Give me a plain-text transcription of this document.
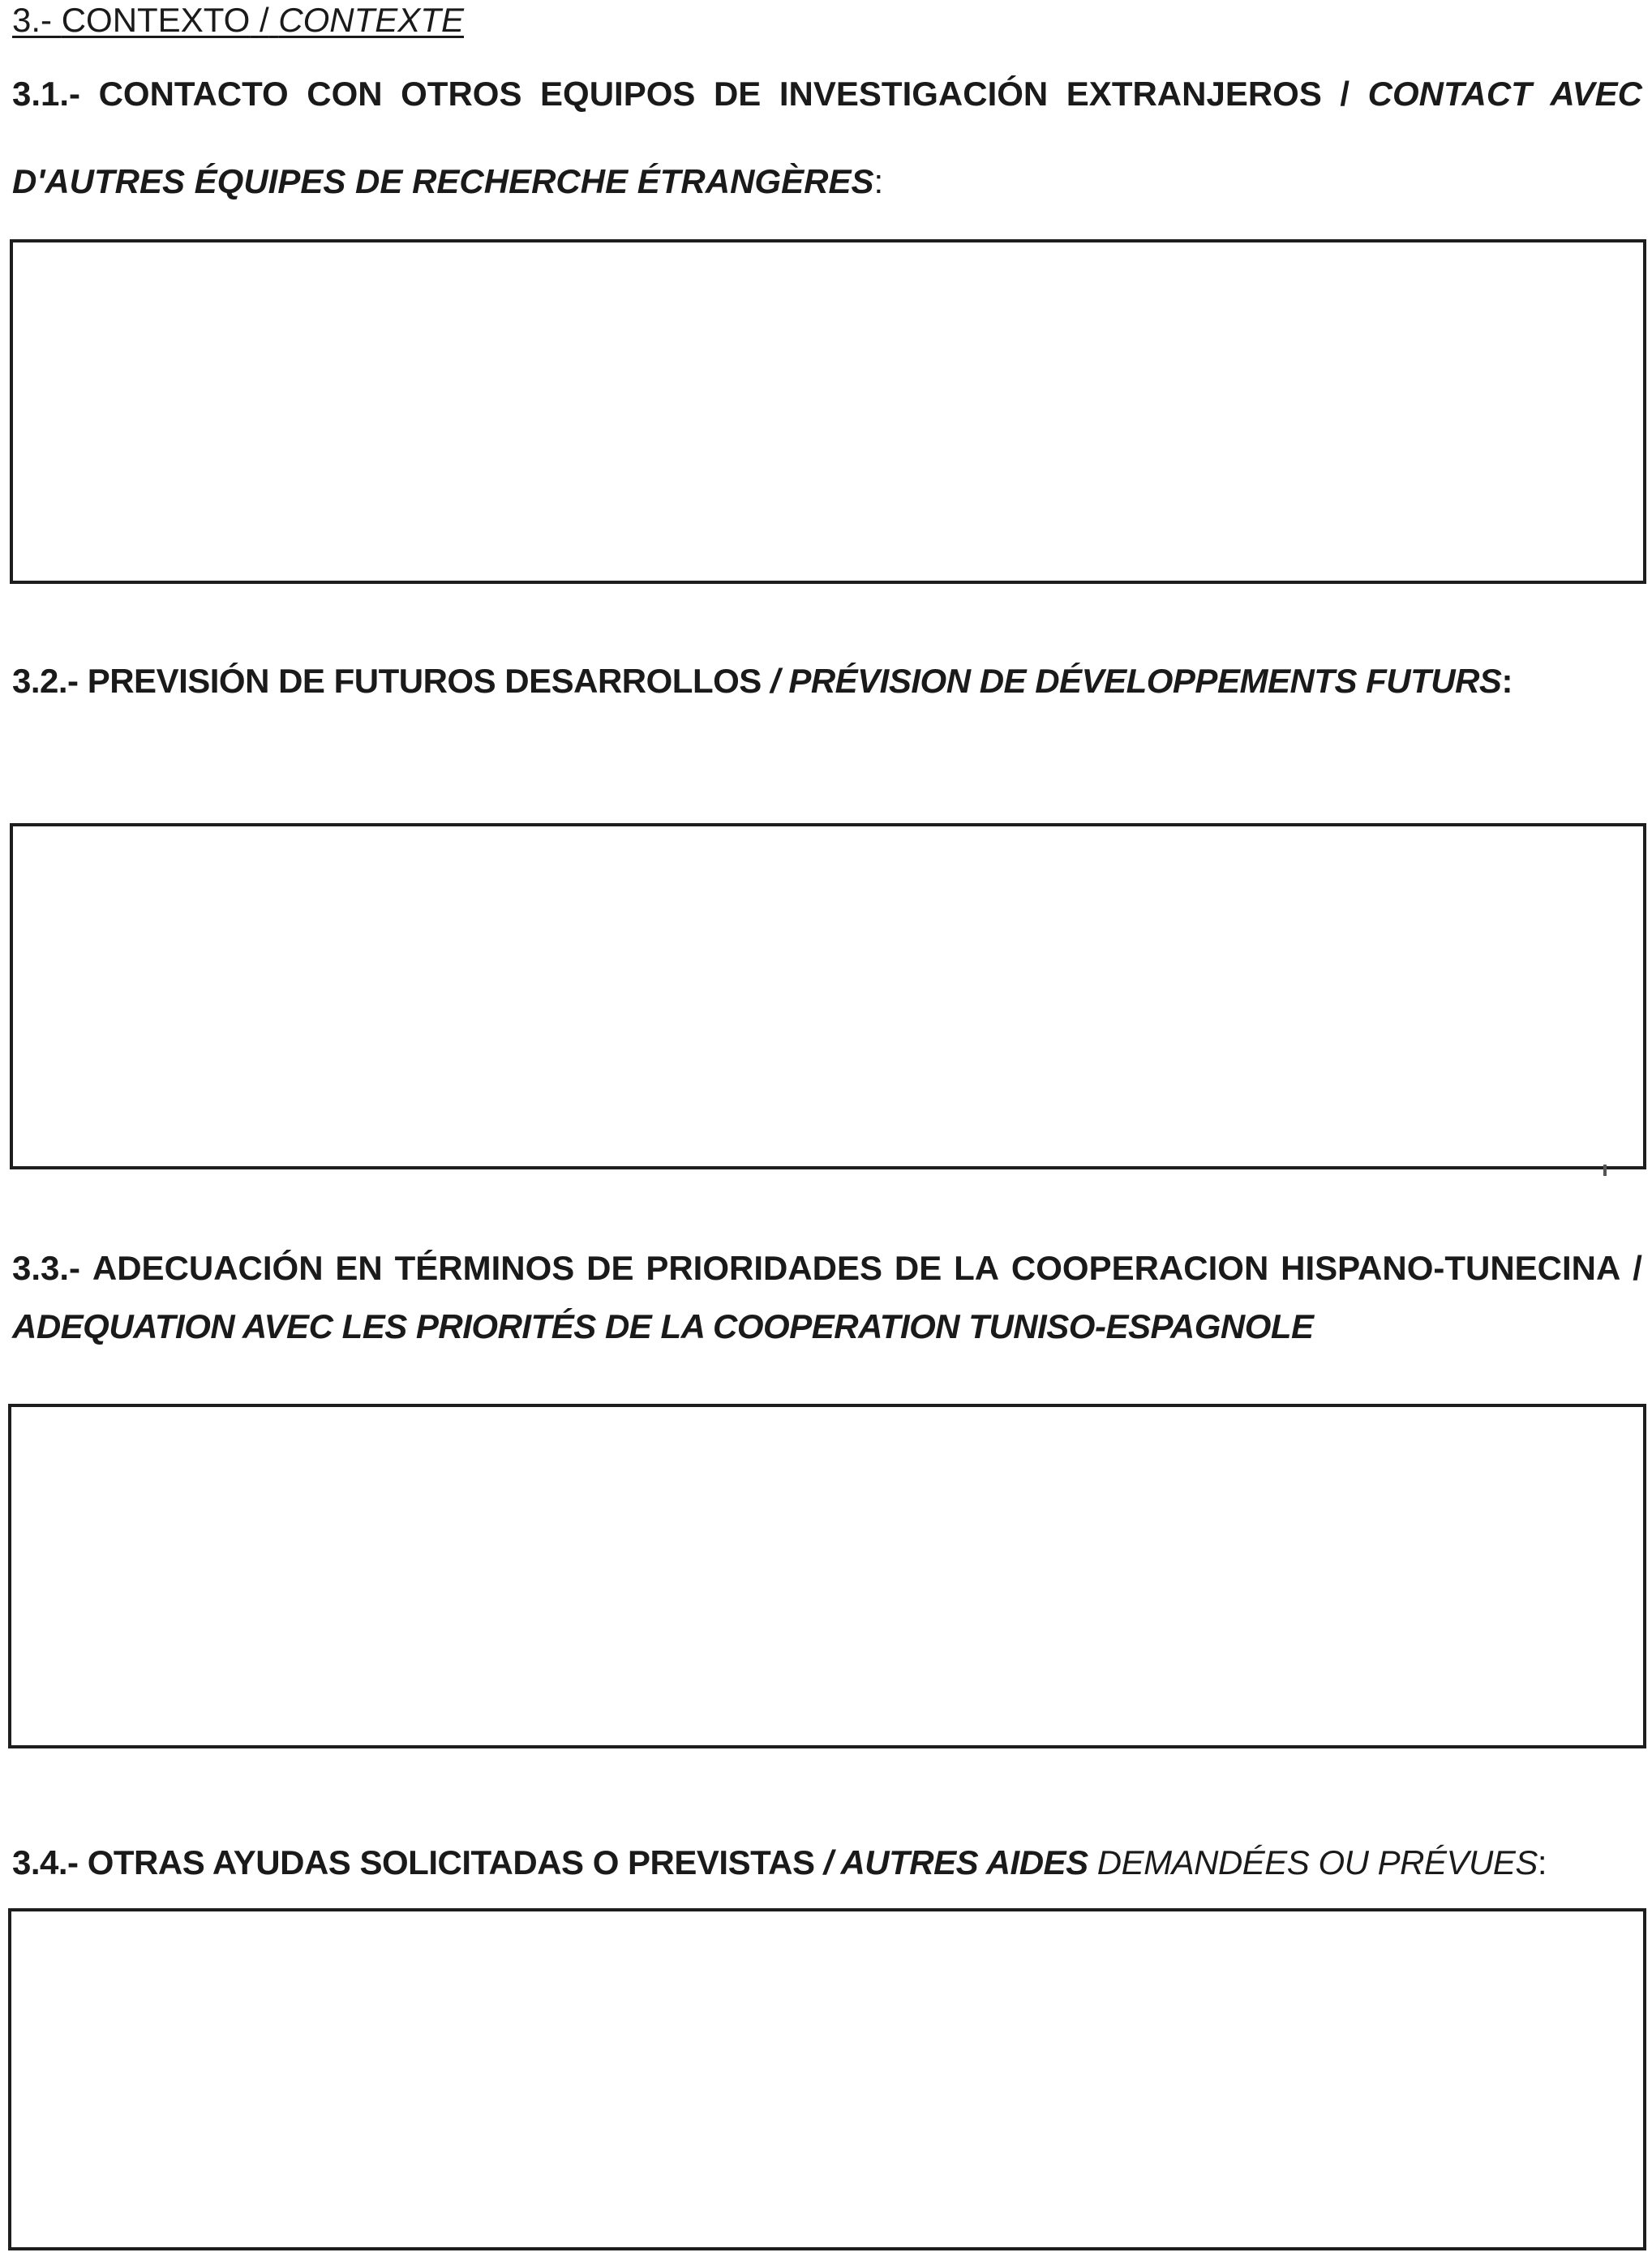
3.- CONTEXTO / CONTEXTE
3.1.- CONTACTO CON OTROS EQUIPOS DE INVESTIGACIÓN EXTRANJEROS / CONTACT AVEC
D'AUTRES ÉQUIPES DE RECHERCHE ÉTRANGÈRES:
3.2.- PREVISIÓN DE FUTUROS DESARROLLOS / PRÉVISION DE DÉVELOPPEMENTS FUTURS:
3.3.- ADECUACIÓN EN TÉRMINOS DE PRIORIDADES DE LA COOPERACION HISPANO-TUNECINA /
ADEQUATION AVEC LES PRIORITÉS DE LA COOPERATION TUNISO-ESPAGNOLE
3.4.- OTRAS AYUDAS SOLICITADAS O PREVISTAS / AUTRES AIDES DEMANDÉES OU PRÉVUES:
